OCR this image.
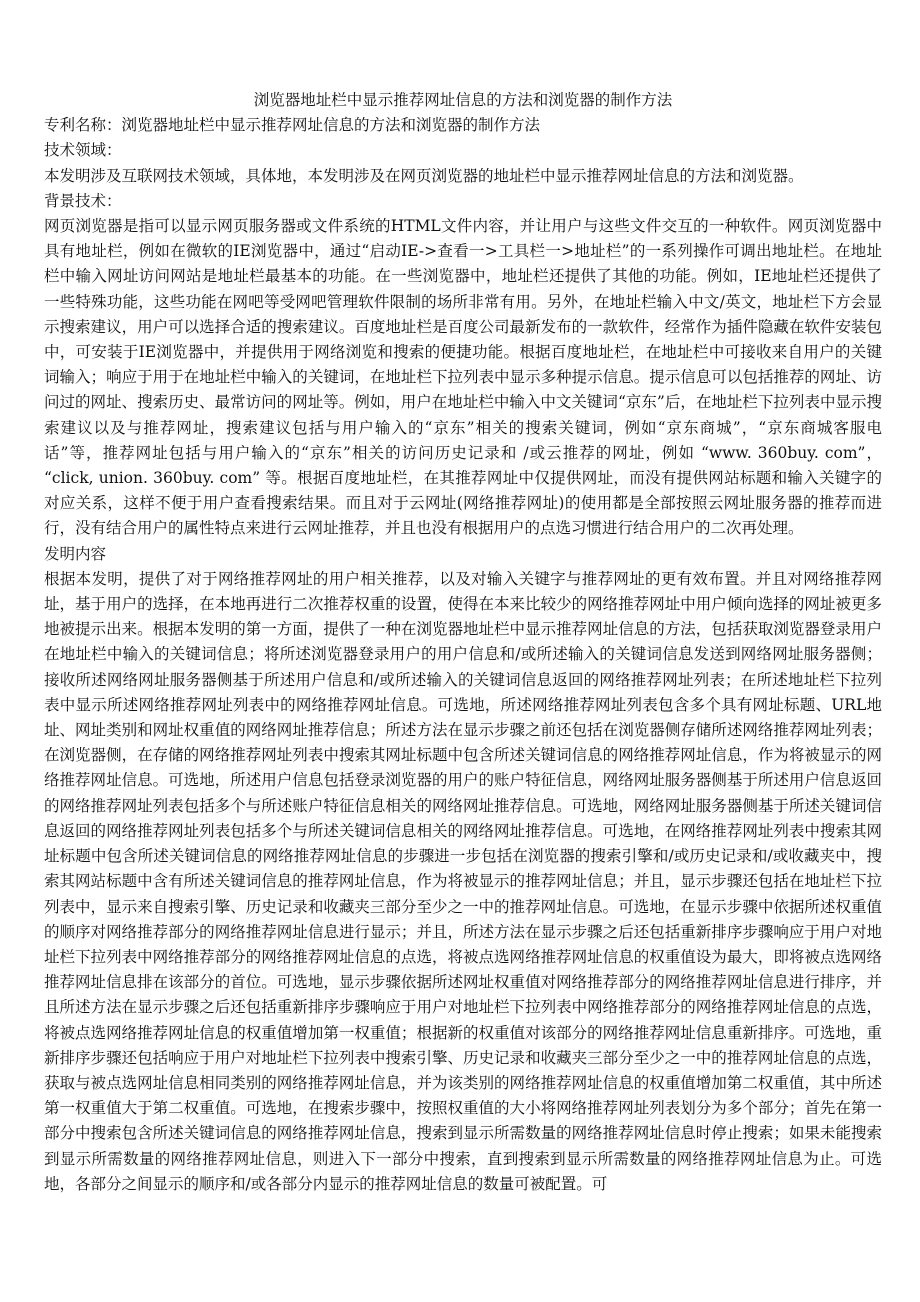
浏览器地址栏中显示推荐网址信息的方法和浏览器的制作方法

专利名称：浏览器地址栏中显示推荐网址信息的方法和浏览器的制作方法

技术领域：

本发明涉及互联网技术领域，具体地，本发明涉及在网页浏览器的地址栏中显示推荐网址信息的方法和浏览器。

背景技术：

网页浏览器是指可以显示网页服务器或文件系统的HTML文件内容，并让用户与这些文件交互的一种软件。网页浏览器中具有地址栏，例如在微软的IE浏览器中，通过“启动IE->查看一>工具栏一>地址栏”的一系列操作可调出地址栏。在地址栏中输入网址访问网站是地址栏最基本的功能。在一些浏览器中，地址栏还提供了其他的功能。例如，IE地址栏还提供了一些特殊功能，这些功能在网吧等受网吧管理软件限制的场所非常有用。另外，在地址栏输入中文/英文，地址栏下方会显示搜索建议，用户可以选择合适的搜索建议。百度地址栏是百度公司最新发布的一款软件，经常作为插件隐藏在软件安装包中，可安装于IE浏览器中，并提供用于网络浏览和搜索的便捷功能。根据百度地址栏，在地址栏中可接收来自用户的关键词输入；响应于用于在地址栏中输入的关键词，在地址栏下拉列表中显示多种提示信息。提示信息可以包括推荐的网址、访问过的网址、搜索历史、最常访问的网址等。例如，用户在地址栏中输入中文关键词“京东”后，在地址栏下拉列表中显示搜索建议以及与推荐网址，搜索建议包括与用户输入的“京东”相关的搜索关键词，例如“京东商城”，“京东商城客服电话”等，推荐网址包括与用户输入的“京东”相关的访问历史记录和 /或云推荐的网址，例如 “www. 360buy. com”， “click, union. 360buy. com” 等。根据百度地址栏，在其推荐网址中仅提供网址，而没有提供网站标题和输入关键字的对应关系，这样不便于用户查看搜索结果。而且对于云网址(网络推荐网址)的使用都是全部按照云网址服务器的推荐而进行，没有结合用户的属性特点来进行云网址推荐，并且也没有根据用户的点选习惯进行结合用户的二次再处理。

发明内容

根据本发明，提供了对于网络推荐网址的用户相关推荐，以及对输入关键字与推荐网址的更有效布置。并且对网络推荐网址，基于用户的选择，在本地再进行二次推荐权重的设置，使得在本来比较少的网络推荐网址中用户倾向选择的网址被更多地被提示出来。根据本发明的第一方面，提供了一种在浏览器地址栏中显示推荐网址信息的方法，包括获取浏览器登录用户在地址栏中输入的关键词信息；将所述浏览器登录用户的用户信息和/或所述输入的关键词信息发送到网络网址服务器侧；接收所述网络网址服务器侧基于所述用户信息和/或所述输入的关键词信息返回的网络推荐网址列表；在所述地址栏下拉列表中显示所述网络推荐网址列表中的网络推荐网址信息。可选地，所述网络推荐网址列表包含多个具有网址标题、URL地址、网址类别和网址权重值的网络网址推荐信息；所述方法在显示步骤之前还包括在浏览器侧存储所述网络推荐网址列表；在浏览器侧，在存储的网络推荐网址列表中搜索其网址标题中包含所述关键词信息的网络推荐网址信息，作为将被显示的网络推荐网址信息。可选地，所述用户信息包括登录浏览器的用户的账户特征信息，网络网址服务器侧基于所述用户信息返回的网络推荐网址列表包括多个与所述账户特征信息相关的网络网址推荐信息。可选地，网络网址服务器侧基于所述关键词信息返回的网络推荐网址列表包括多个与所述关键词信息相关的网络网址推荐信息。可选地，在网络推荐网址列表中搜索其网址标题中包含所述关键词信息的网络推荐网址信息的步骤进一步包括在浏览器的搜索引擎和/或历史记录和/或收藏夹中，搜索其网站标题中含有所述关键词信息的推荐网址信息，作为将被显示的推荐网址信息；并且，显示步骤还包括在地址栏下拉列表中，显示来自搜索引擎、历史记录和收藏夹三部分至少之一中的推荐网址信息。可选地，在显示步骤中依据所述权重值的顺序对网络推荐部分的网络推荐网址信息进行显示；并且，所述方法在显示步骤之后还包括重新排序步骤响应于用户对地址栏下拉列表中网络推荐部分的网络推荐网址信息的点选，将被点选网络推荐网址信息的权重值设为最大，即将被点选网络推荐网址信息排在该部分的首位。可选地，显示步骤依据所述网址权重值对网络推荐部分的网络推荐网址信息进行排序，并且所述方法在显示步骤之后还包括重新排序步骤响应于用户对地址栏下拉列表中网络推荐部分的网络推荐网址信息的点选，将被点选网络推荐网址信息的权重值增加第一权重值；根据新的权重值对该部分的网络推荐网址信息重新排序。可选地，重新排序步骤还包括响应于用户对地址栏下拉列表中搜索引擎、历史记录和收藏夹三部分至少之一中的推荐网址信息的点选，获取与被点选网址信息相同类别的网络推荐网址信息，并为该类别的网络推荐网址信息的权重值增加第二权重值，其中所述第一权重值大于第二权重值。可选地，在搜索步骤中，按照权重值的大小将网络推荐网址列表划分为多个部分；首先在第一部分中搜索包含所述关键词信息的网络推荐网址信息，搜索到显示所需数量的网络推荐网址信息时停止搜索；如果未能搜索到显示所需数量的网络推荐网址信息，则进入下一部分中搜索，直到搜索到显示所需数量的网络推荐网址信息为止。可选地，各部分之间显示的顺序和/或各部分内显示的推荐网址信息的数量可被配置。可
